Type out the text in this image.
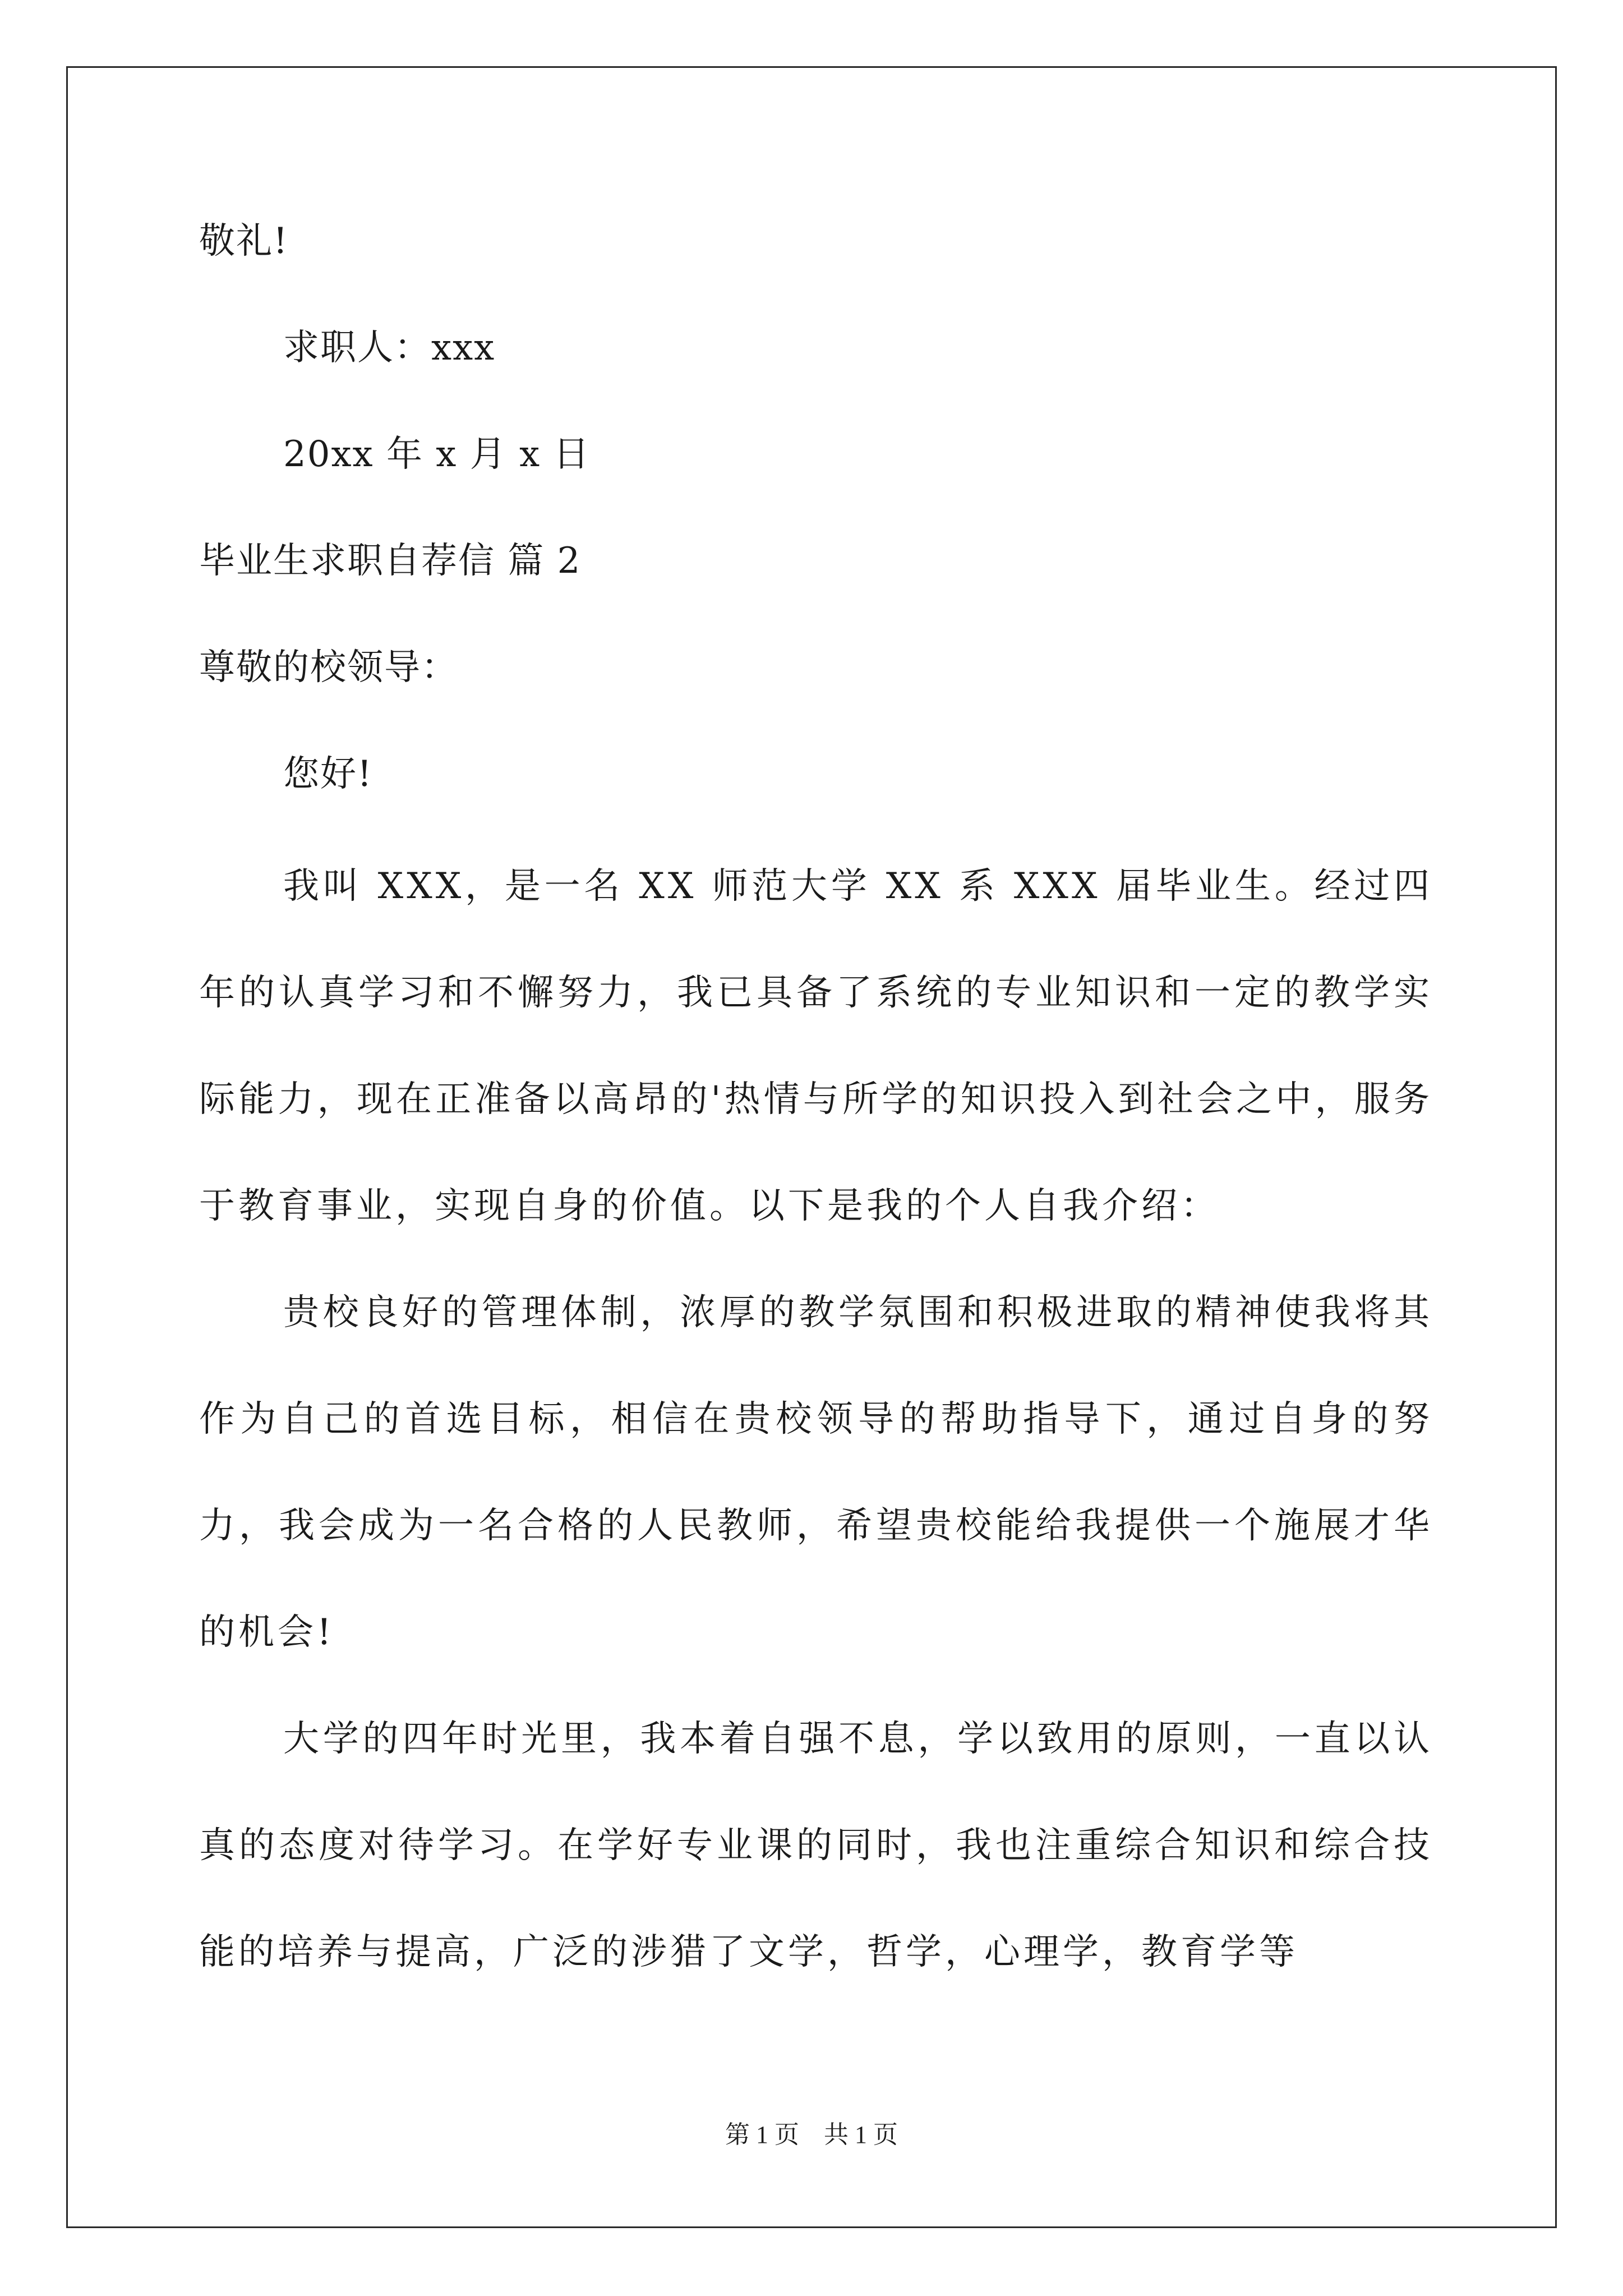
敬礼!
求职人：xxx
20xx 年 x 月 x 日
毕业生求职自荐信 篇 2
尊敬的校领导：
您好!
我叫 XXX，是一名 XX 师范大学 XX 系 XXX 届毕业生。经过四年的认真学习和不懈努力，我已具备了系统的专业知识和一定的教学实际能力，现在正准备以高昂的'热情与所学的知识投入到社会之中，服务于教育事业，实现自身的价值。以下是我的个人自我介绍：
贵校良好的管理体制，浓厚的教学氛围和积极进取的精神使我将其作为自己的首选目标，相信在贵校领导的帮助指导下，通过自身的努力，我会成为一名合格的人民教师，希望贵校能给我提供一个施展才华的机会!
大学的四年时光里，我本着自强不息，学以致用的原则，一直以认真的态度对待学习。在学好专业课的同时，我也注重综合知识和综合技能的培养与提高，广泛的涉猎了文学，哲学，心理学，教育学等
第 1 页　共 1 页
